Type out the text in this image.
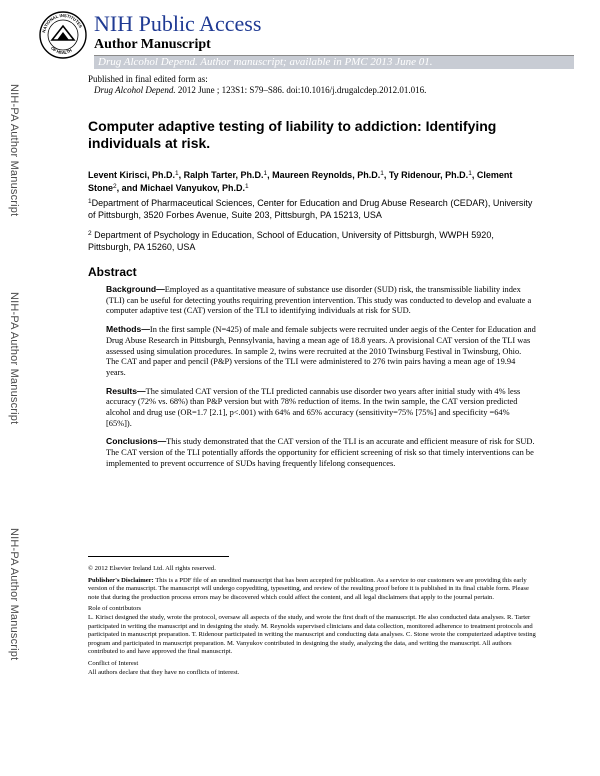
NATIONAL INSTITUTES
OF HEALTH
NIH Public Access
Author Manuscript
Drug Alcohol Depend. Author manuscript; available in PMC 2013 June 01.
NIH-PA Author Manuscript
NIH-PA Author Manuscript
NIH-PA Author Manuscript
Published in final edited form as:
Drug Alcohol Depend. 2012 June ; 123S1: S79–S86. doi:10.1016/j.drugalcdep.2012.01.016.
Computer adaptive testing of liability to addiction: Identifying individuals at risk.
Levent Kirisci, Ph.D.$^1$, Ralph Tarter, Ph.D.$^1$, Maureen Reynolds, Ph.D.$^1$, Ty Ridenour, Ph.D.$^1$, Clement Stone$^2$, and Michael Vanyukov, Ph.D.$^1$
$^1$Department of Pharmaceutical Sciences, Center for Education and Drug Abuse Research (CEDAR), University of Pittsburgh, 3520 Forbes Avenue, Suite 203, Pittsburgh, PA 15213, USA
$^2$ Department of Psychology in Education, School of Education, University of Pittsburgh, WWPH 5920, Pittsburgh, PA 15260, USA
Abstract

Background—Employed as a quantitative measure of substance use disorder (SUD) risk, the transmissible liability index (TLI) can be useful for detecting youths requiring prevention intervention. This study was conducted to develop and evaluate a computer adaptive test (CAT) version of the TLI to identifying individuals at risk for SUD.

Methods—In the first sample (N=425) of male and female subjects were recruited under aegis of the Center for Education and Drug Abuse Research in Pittsburgh, Pennsylvania, having a mean age of 18.8 years. A provisional CAT version of the TLI was assessed using simulation procedures. In sample 2, twins were recruited at the 2010 Twinsburg Festival in Twinsburg, Ohio. The CAT and paper and pencil (P&P) versions of the TLI were administered to 276 twin pairs having a mean age of 19.94 years.

Results—The simulated CAT version of the TLI predicted cannabis use disorder two years after initial study with 4% less accuracy (72% vs. 68%) than P&P version but with 78% reduction of items. In the twin sample, the CAT version predicted alcohol and drug use (OR=1.7 [2.1], p<.001) with 64% and 65% accuracy (sensitivity=75% [75%] and specificity =64% [65%]).

Conclusions—This study demonstrated that the CAT version of the TLI is an accurate and efficient measure of risk for SUD. The CAT version of the TLI potentially affords the opportunity for efficient screening of risk so that timely interventions can be implemented to prevent occurrence of SUDs having frequently lifelong consequences.

© 2012 Elsevier Ireland Ltd. All rights reserved.
Publisher's Disclaimer: This is a PDF file of an unedited manuscript that has been accepted for publication. As a service to our customers we are providing this early version of the manuscript. The manuscript will undergo copyediting, typesetting, and review of the resulting proof before it is published in its final citable form. Please note that during the production process errors may be discovered which could affect the content, and all legal disclaimers that apply to the journal pertain.
Role of contributors
L. Kirisci designed the study, wrote the protocol, oversaw all aspects of the study, and wrote the first draft of the manuscript. He also conducted data analyses. R. Tarter participated in writing the manuscript and in designing the study. M. Reynolds supervised clinicians and data collection, monitored adherence to treatment protocols and participated in manuscript preparation. T. Ridenour participated in writing the manuscript and conducting data analyses. C. Stone wrote the computerized adaptive testing program and participated in manuscript preparation. M. Vanyukov contributed in designing the study, analyzing the data, and writing the manuscript. All authors contributed to and have approved the final manuscript.
Conflict of Interest
All authors declare that they have no conflicts of interest.
